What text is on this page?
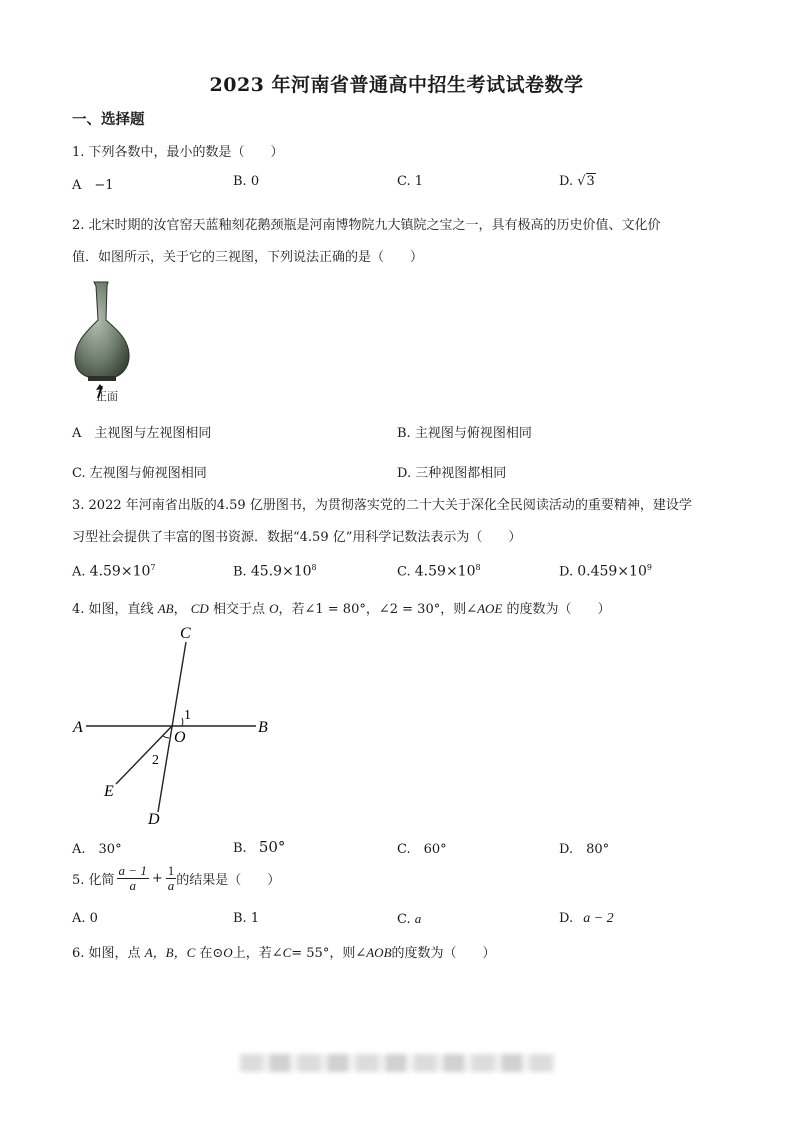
2023 年河南省普通高中招生考试试卷数学
一、选择题
1. 下列各数中，最小的数是（　　）
A　−1	B. 0	C. 1	D. √3
2. 北宋时期的汝官窑天蓝釉刻花鹅颈瓶是河南博物院九大镇院之宝之一，具有极高的历史价值、文化价
值．如图所示，关于它的三视图，下列说法正确的是（　　）
正面
A　主视图与左视图相同	B. 主视图与俯视图相同
C. 左视图与俯视图相同	D. 三种视图都相同
3. 2022 年河南省出版的4.59 亿册图书，为贯彻落实党的二十大关于深化全民阅读活动的重要精神，建设学
习型社会提供了丰富的图书资源．数据“4.59 亿”用科学记数法表示为（　　）
A. $4.59\times 10^7$	B. $45.9\times 10^8$	C. $4.59\times 10^8$	D. $0.459\times 10^9$
4. 如图，直线 AB， CD 相交于点 O，若∠1 = 80°，∠2 = 30°，则∠AOE 的度数为（　　）
A	B
C
D
E
O
1
2
A.　30°	B. 50°	C.　60°	D.　80°
5. 化简 $\frac{a - 1}{a} + \frac{1}{a}$ 的结果是（　　）
A. 0	B. 1	C. a	D. a − 2
6. 如图，点 A，B，C 在⊙O上，若∠C= 55°，则∠AOB的度数为（　　）
